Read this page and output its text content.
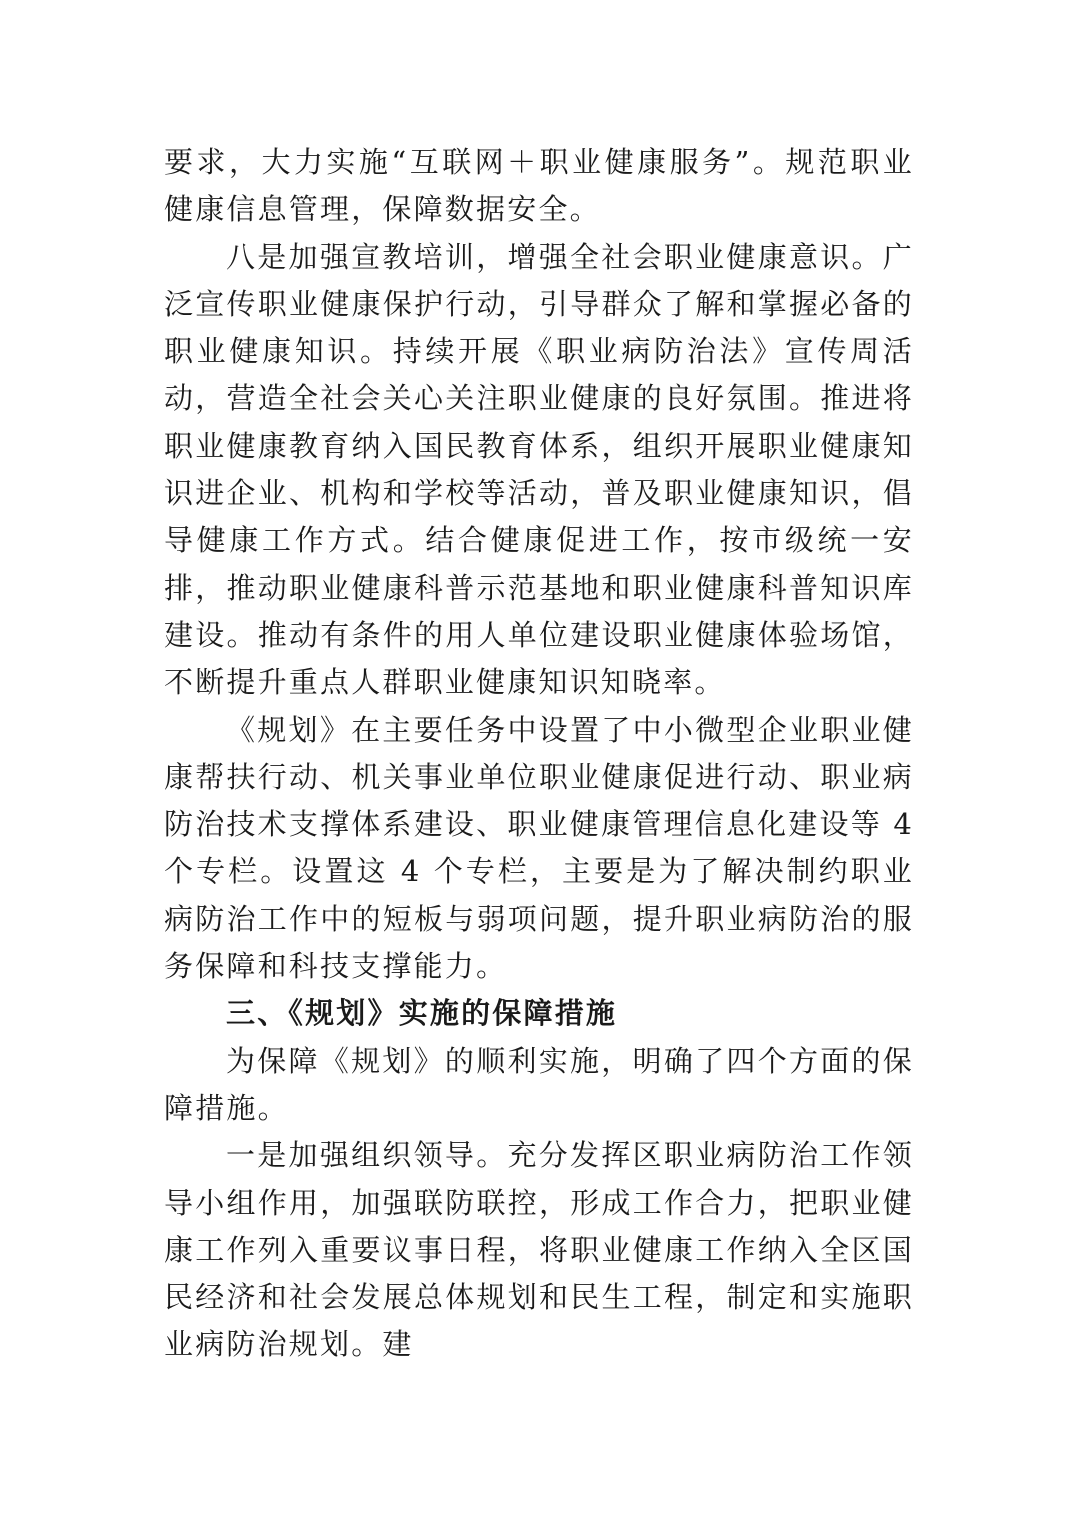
要求，大力实施“互联网＋职业健康服务”。规范职业健康信息管理，保障数据安全。

八是加强宣教培训，增强全社会职业健康意识。广泛宣传职业健康保护行动，引导群众了解和掌握必备的职业健康知识。持续开展《职业病防治法》宣传周活动，营造全社会关心关注职业健康的良好氛围。推进将职业健康教育纳入国民教育体系，组织开展职业健康知识进企业、机构和学校等活动，普及职业健康知识，倡导健康工作方式。结合健康促进工作，按市级统一安排，推动职业健康科普示范基地和职业健康科普知识库建设。推动有条件的用人单位建设职业健康体验场馆，不断提升重点人群职业健康知识知晓率。

《规划》在主要任务中设置了中小微型企业职业健康帮扶行动、机关事业单位职业健康促进行动、职业病防治技术支撑体系建设、职业健康管理信息化建设等 4 个专栏。设置这 4 个专栏，主要是为了解决制约职业病防治工作中的短板与弱项问题，提升职业病防治的服务保障和科技支撑能力。

三、《规划》实施的保障措施

为保障《规划》的顺利实施，明确了四个方面的保障措施。

一是加强组织领导。充分发挥区职业病防治工作领导小组作用，加强联防联控，形成工作合力，把职业健康工作列入重要议事日程，将职业健康工作纳入全区国民经济和社会发展总体规划和民生工程，制定和实施职业病防治规划。建
